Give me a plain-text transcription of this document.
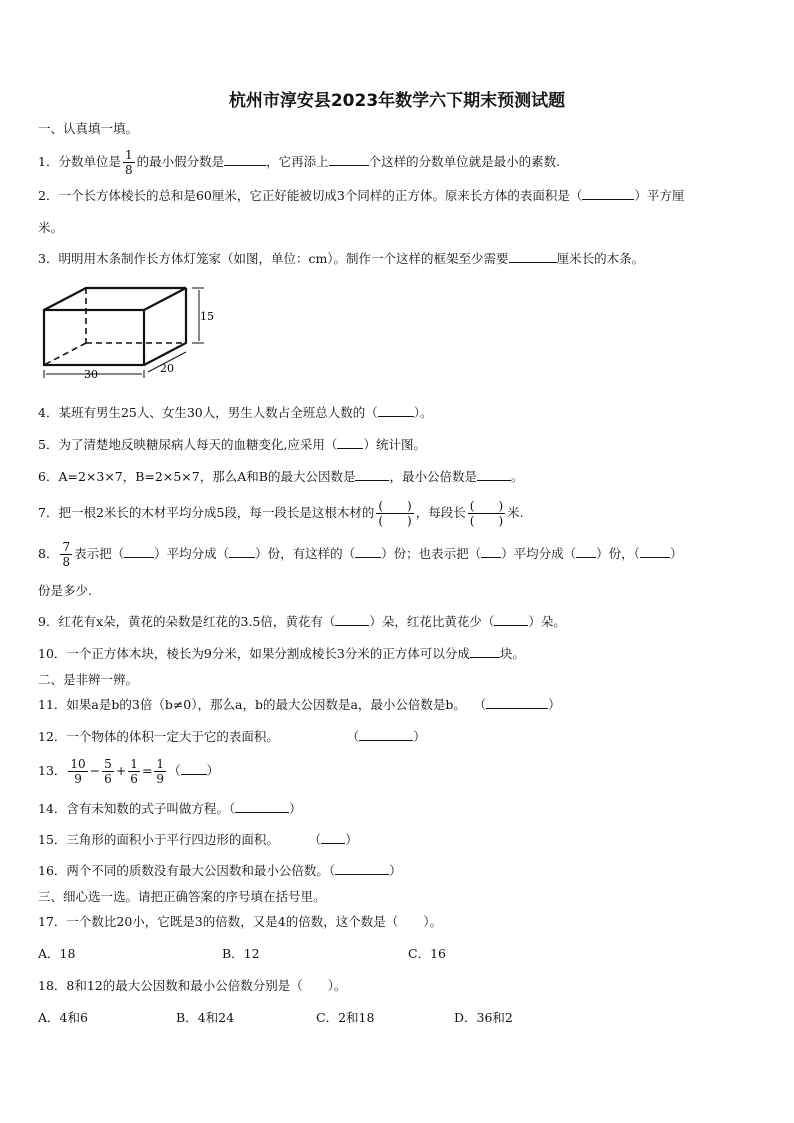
杭州市淳安县2023年数学六下期末预测试题
一、认真填一填。
1．分数单位是 $\frac{1}{8}$ 的最小假分数是	，它再添上	个这样的分数单位就是最小的素数.
2．一个长方体棱长的总和是60厘米，它正好能被切成3个同样的正方体。原来长方体的表面积是（	）平方厘
米。
3．明明用木条制作长方体灯笼家（如图，单位：cm）。制作一个这样的框架至少需要	厘米长的木条。
15
30	20
4．某班有男生25人、女生30人，男生人数占全班总人数的（	）。
5．为了清楚地反映糖尿病人每天的血糖变化,应采用（ ）统计图。
6．A=2×3×7，B=2×5×7，那么A和B的最大公因数是	，最小公倍数是	。
7．把一根2米长的木材平均分成5段，每一段长是这根木材的 $\frac{( )}{( )}$ ，每段长 $\frac{( )}{( )}$ 米.
8． $\frac{7}{8}$ 表示把（ ）平均分成（ ）份，有这样的（ ）份；也表示把（ ）平均分成（ ）份，（ ）
份是多少.
9．红花有x朵，黄花的朵数是红花的3.5倍，黄花有（	）朵，红花比黄花少（	）朵。
10．一个正方体木块，棱长为9分米，如果分割成棱长3分米的正方体可以分成 块。
二、是非辨一辨。
11．如果a是b的3倍（b≠0），那么a，b的最大公因数是a，最小公倍数是b。 （	）
12．一个物体的体积一定大于它的表面积。	（	）
13． $\frac{10}{9} - \frac{5}{6} + \frac{1}{6} = \frac{1}{9}$ （ ）
14．含有未知数的式子叫做方程。（	）
15．三角形的面积小于平行四边形的面积。	（ ）
16．两个不同的质数没有最大公因数和最小公倍数。（	）
三、细心选一选。请把正确答案的序号填在括号里。
17．一个数比20小，它既是3的倍数，又是4的倍数，这个数是（　　）。
A．18	B．12	C．16
18．8和12的最大公因数和最小公倍数分别是（　　）。
A．4和6	B．4和24	C．2和18	D．36和2
